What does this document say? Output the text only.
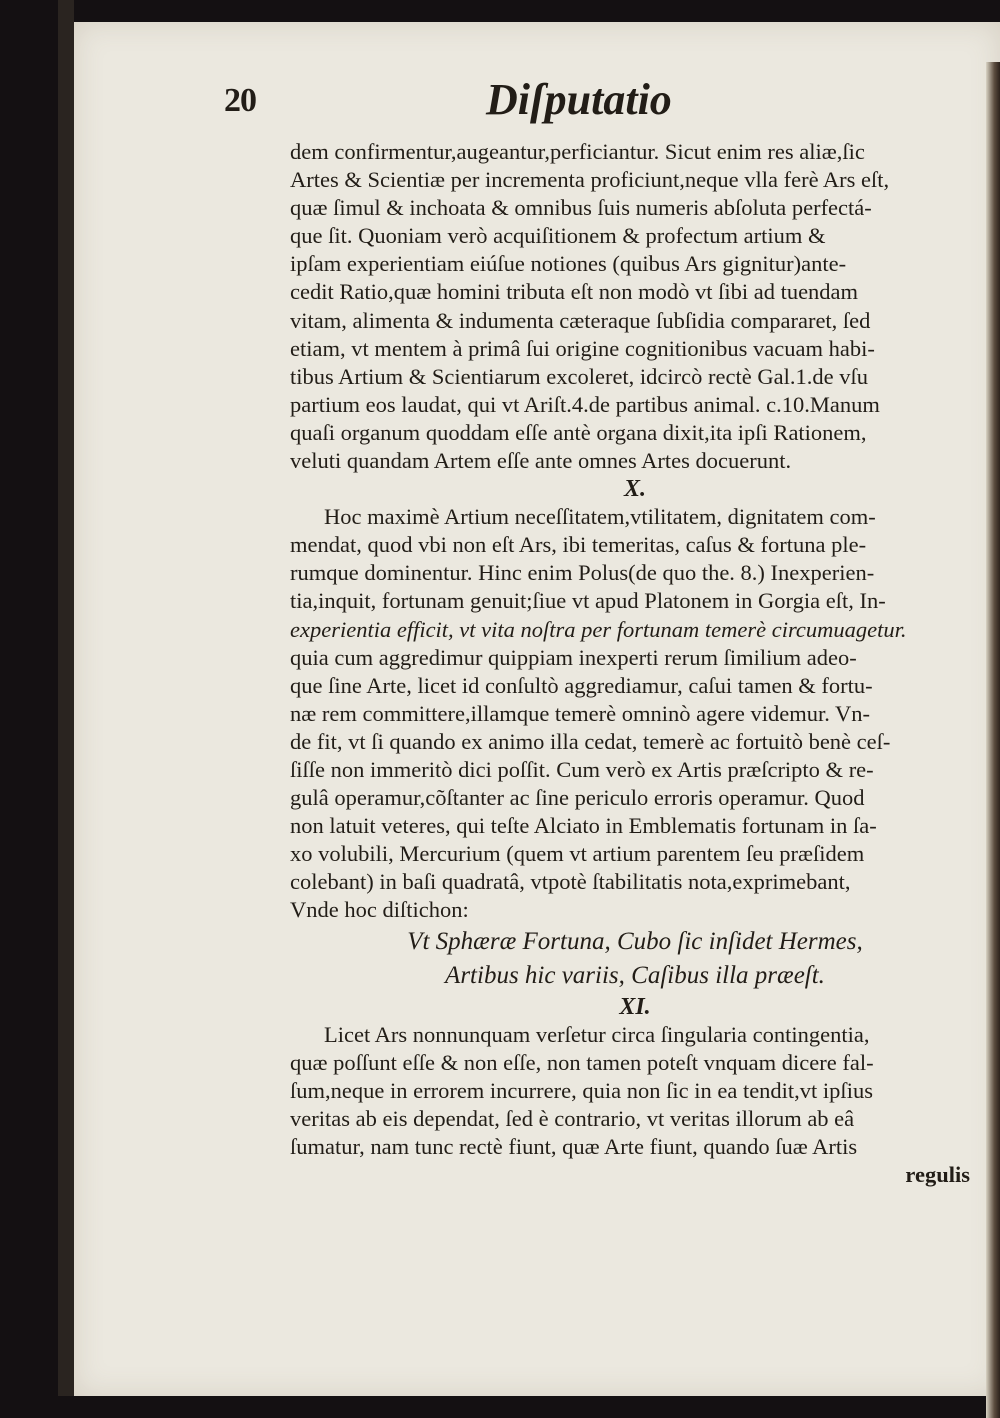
20	Diſputatio
dem confirmentur,augeantur,perficiantur. Sicut enim res aliæ,ſic
Artes & Scientiæ per incrementa proficiunt,neque vlla ferè Ars eſt,
quæ ſimul & inchoata & omnibus ſuis numeris abſoluta perfectá-
que ſit. Quoniam verò acquiſitionem & profectum artium &
ipſam experientiam eiúſue notiones (quibus Ars gignitur)ante-
cedit Ratio,quæ homini tributa eſt non modò vt ſibi ad tuendam
vitam, alimenta & indumenta cæteraque ſubſidia compararet, ſed
etiam, vt mentem à primâ ſui origine cognitionibus vacuam habi-
tibus Artium & Scientiarum excoleret, idcircò rectè Gal.1.de vſu
partium eos laudat, qui vt Ariſt.4.de partibus animal. c.10.Manum
quaſi organum quoddam eſſe antè organa dixit,ita ipſi Rationem,
veluti quandam Artem eſſe ante omnes Artes docuerunt.
X.
Hoc maximè Artium neceſſitatem,vtilitatem, dignitatem com-
mendat, quod vbi non eſt Ars, ibi temeritas, caſus & fortuna ple-
rumque dominentur. Hinc enim Polus(de quo the. 8.) Inexperien-
tia,inquit, fortunam genuit;ſiue vt apud Platonem in Gorgia eſt, In-
experientia efficit, vt vita noſtra per fortunam temerè circumuagetur.
quia cum aggredimur quippiam inexperti rerum ſimilium adeo-
que ſine Arte, licet id conſultò aggrediamur, caſui tamen & fortu-
næ rem committere,illamque temerè omninò agere videmur. Vn-
de fit, vt ſi quando ex animo illa cedat, temerè ac fortuitò benè ceſ-
ſiſſe non immeritò dici poſſit. Cum verò ex Artis præſcripto & re-
gulâ operamur,cõſtanter ac ſine periculo erroris operamur. Quod
non latuit veteres, qui teſte Alciato in Emblematis fortunam in ſa-
xo volubili, Mercurium (quem vt artium parentem ſeu præſidem
colebant) in baſi quadratâ, vtpotè ſtabilitatis nota,exprimebant,
Vnde hoc diſtichon:
Vt Sphæræ Fortuna, Cubo ſic inſidet Hermes,
Artibus hic variis, Caſibus illa præeſt.
XI.
Licet Ars nonnunquam verſetur circa ſingularia contingentia,
quæ poſſunt eſſe & non eſſe, non tamen poteſt vnquam dicere fal-
ſum,neque in errorem incurrere, quia non ſic in ea tendit,vt ipſius
veritas ab eis dependat, ſed è contrario, vt veritas illorum ab eâ
ſumatur, nam tunc rectè fiunt, quæ Arte fiunt, quando ſuæ Artis
regulis
